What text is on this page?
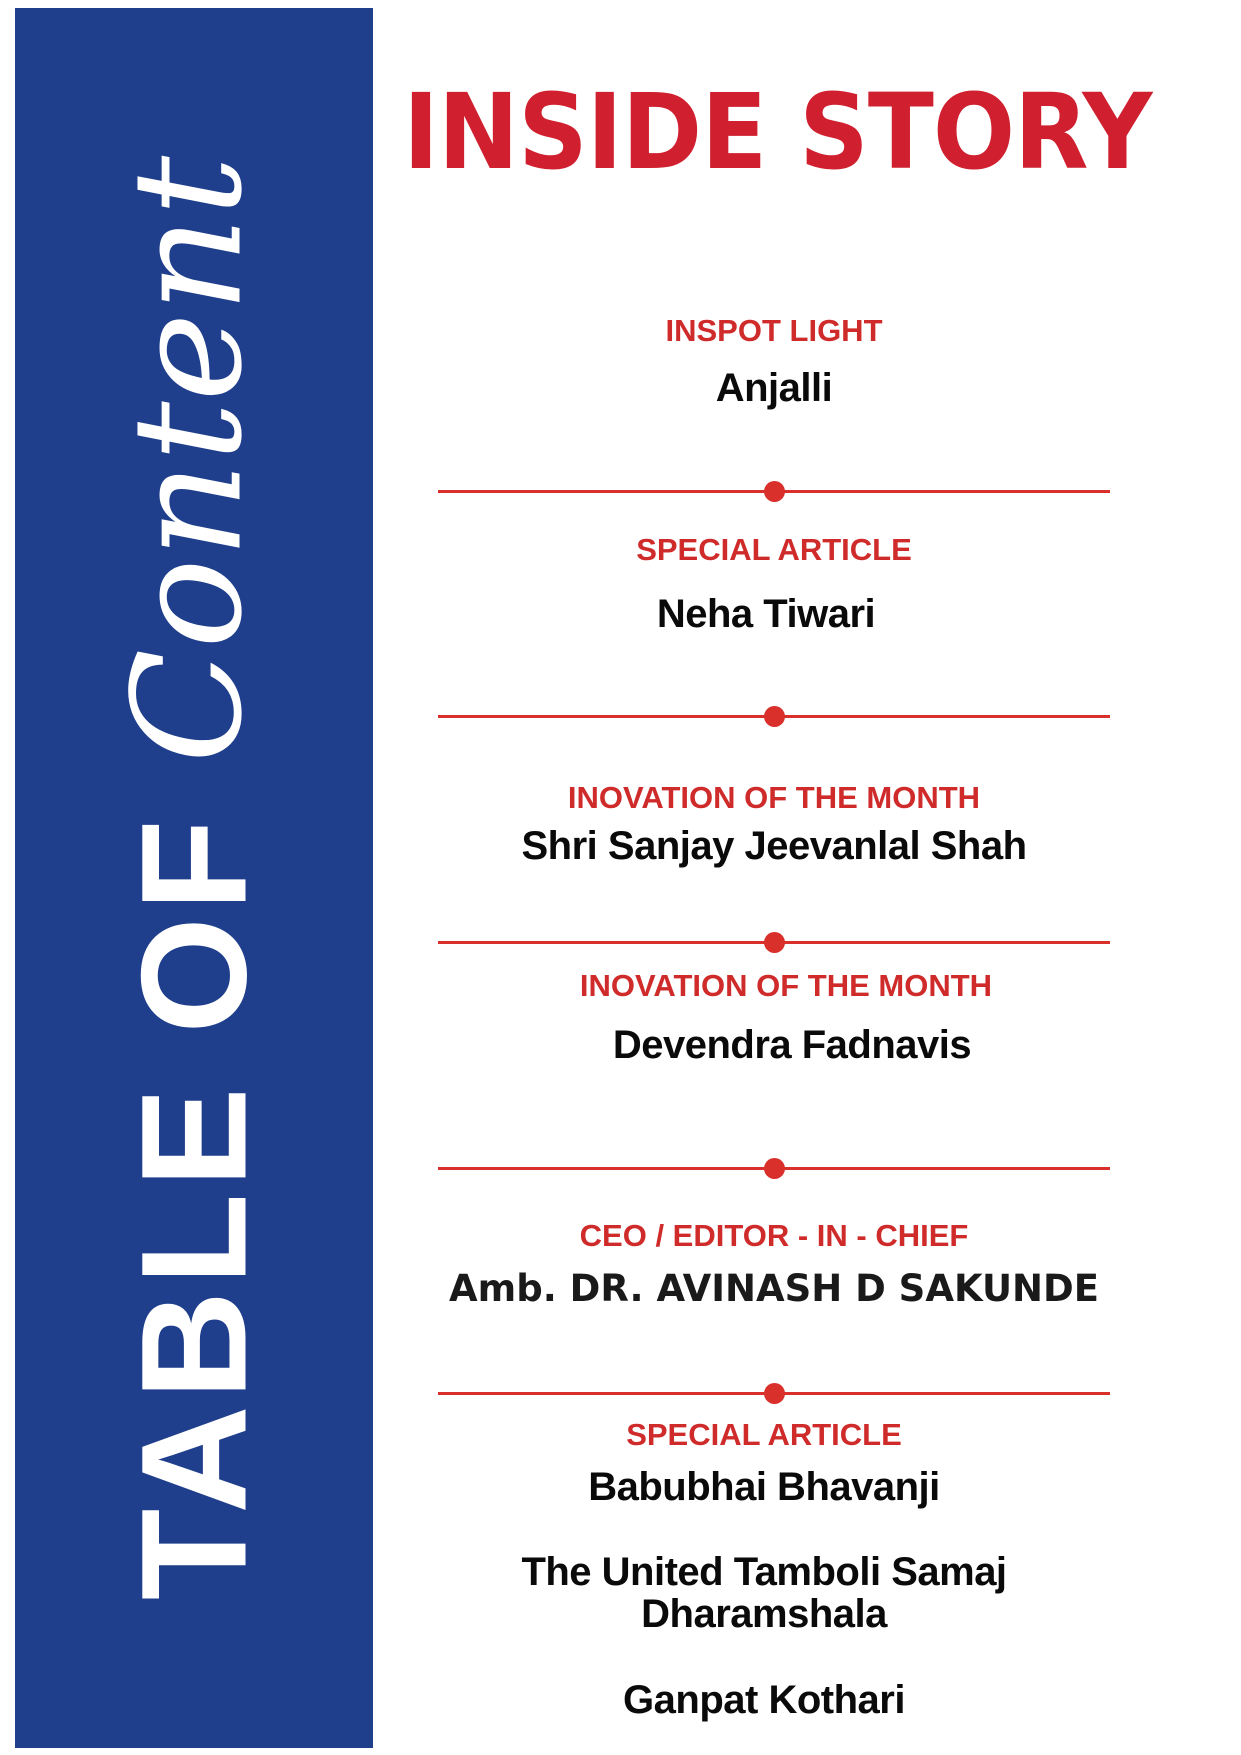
TABLE OF
Content
INSIDE STORY
INSPOT LIGHT
Anjalli
SPECIAL ARTICLE
Neha Tiwari
INOVATION OF THE MONTH
Shri Sanjay Jeevanlal Shah
INOVATION OF THE MONTH
Devendra Fadnavis
CEO / EDITOR - IN - CHIEF
Amb. DR. AVINASH D SAKUNDE
SPECIAL ARTICLE
Babubhai Bhavanji
The United Tamboli Samaj
Dharamshala
Ganpat Kothari
